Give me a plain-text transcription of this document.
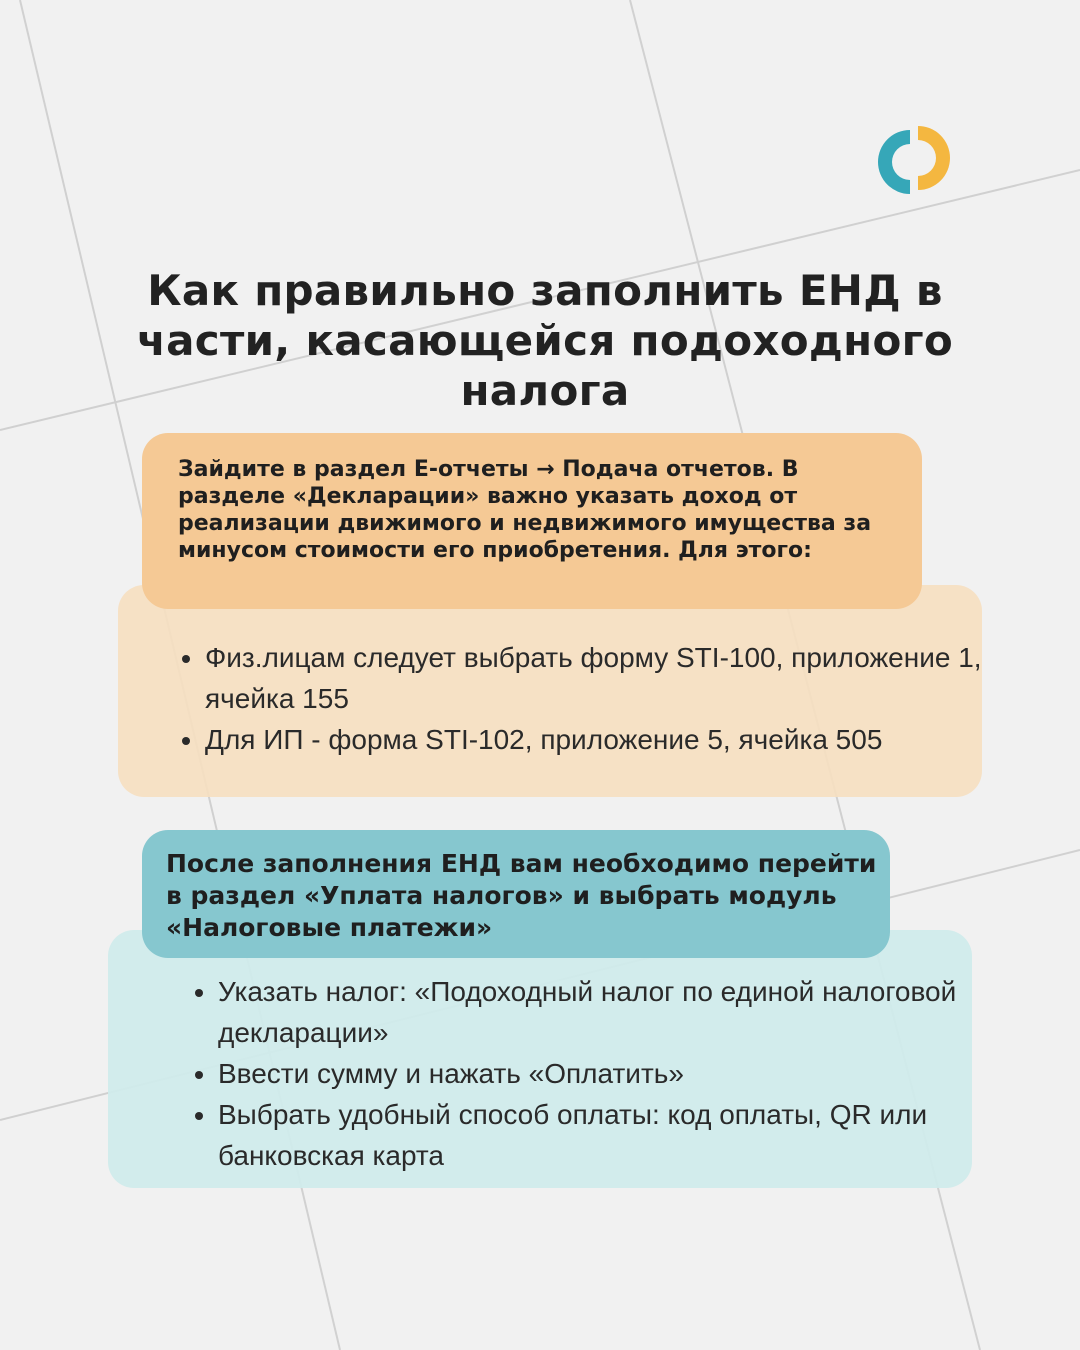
Как правильно заполнить ЕНД в части, касающейся подоходного налога

Зайдите в раздел Е-отчеты → Подача отчетов. В разделе «Декларации» важно указать доход от реализации движимого и недвижимого имущества за минусом стоимости его приобретения. Для этого:

• Физ.лицам следует выбрать форму STI-100, приложение 1, ячейка 155
• Для ИП - форма STI-102, приложение 5, ячейка 505

После заполнения ЕНД вам необходимо перейти в раздел «Уплата налогов» и выбрать модуль «Налоговые платежи»

• Указать налог: «Подоходный налог по единой налоговой декларации»
• Ввести сумму и нажать «Оплатить»
• Выбрать удобный способ оплаты: код оплаты, QR или банковская карта
